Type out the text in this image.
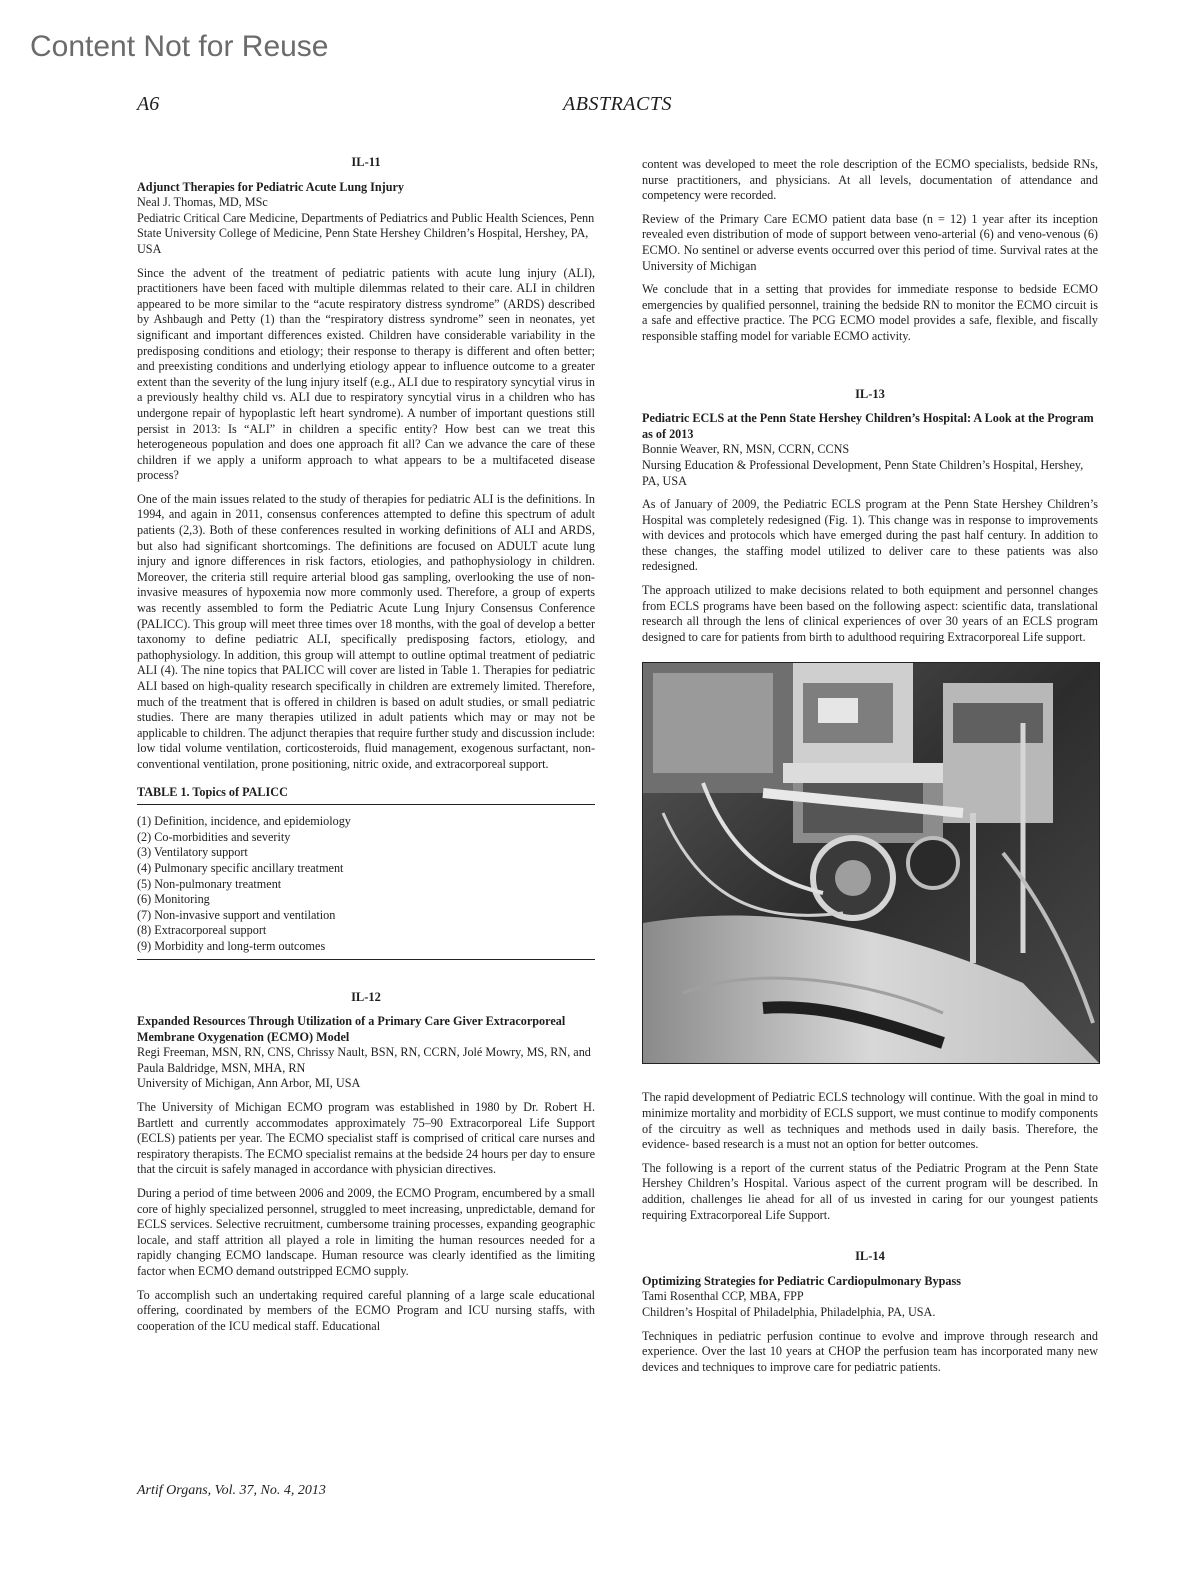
Content Not for Reuse
A6	ABSTRACTS
IL-11
Adjunct Therapies for Pediatric Acute Lung Injury
Neal J. Thomas, MD, MSc
Pediatric Critical Care Medicine, Departments of Pediatrics and Public Health Sciences, Penn State University College of Medicine, Penn State Hershey Children’s Hospital, Hershey, PA, USA

Since the advent of the treatment of pediatric patients with acute lung injury (ALI), practitioners have been faced with multiple dilemmas related to their care. ALI in children appeared to be more similar to the “acute respiratory distress syndrome” (ARDS) described by Ashbaugh and Petty (1) than the “respiratory distress syndrome” seen in neonates, yet significant and important differences existed. Children have considerable variability in the predisposing conditions and etiology; their response to therapy is different and often better; and preexisting conditions and underlying etiology appear to influence outcome to a greater extent than the severity of the lung injury itself (e.g., ALI due to respiratory syncytial virus in a previously healthy child vs. ALI due to respiratory syncytial virus in a children who has undergone repair of hypoplastic left heart syndrome). A number of important questions still persist in 2013: Is “ALI” in children a specific entity? How best can we treat this heterogeneous population and does one approach fit all? Can we advance the care of these children if we apply a uniform approach to what appears to be a multifaceted disease process?

One of the main issues related to the study of therapies for pediatric ALI is the definitions. In 1994, and again in 2011, consensus conferences attempted to define this spectrum of adult patients (2,3). Both of these conferences resulted in working definitions of ALI and ARDS, but also had significant shortcomings. The definitions are focused on ADULT acute lung injury and ignore differences in risk factors, etiologies, and pathophysiology in children. Moreover, the criteria still require arterial blood gas sampling, overlooking the use of non-invasive measures of hypoxemia now more commonly used. Therefore, a group of experts was recently assembled to form the Pediatric Acute Lung Injury Consensus Conference (PALICC). This group will meet three times over 18 months, with the goal of develop a better taxonomy to define pediatric ALI, specifically predisposing factors, etiology, and pathophysiology. In addition, this group will attempt to outline optimal treatment of pediatric ALI (4). The nine topics that PALICC will cover are listed in Table 1. Therapies for pediatric ALI based on high-quality research specifically in children are extremely limited. Therefore, much of the treatment that is offered in children is based on adult studies, or small pediatric studies. There are many therapies utilized in adult patients which may or may not be applicable to children. The adjunct therapies that require further study and discussion include: low tidal volume ventilation, corticosteroids, fluid management, exogenous surfactant, non-conventional ventilation, prone positioning, nitric oxide, and extracorporeal support.

TABLE 1. Topics of PALICC
(1) Definition, incidence, and epidemiology
(2) Co-morbidities and severity
(3) Ventilatory support
(4) Pulmonary specific ancillary treatment
(5) Non-pulmonary treatment
(6) Monitoring
(7) Non-invasive support and ventilation
(8) Extracorporeal support
(9) Morbidity and long-term outcomes
IL-12
Expanded Resources Through Utilization of a Primary Care Giver Extracorporeal Membrane Oxygenation (ECMO) Model
Regi Freeman, MSN, RN, CNS, Chrissy Nault, BSN, RN, CCRN, Jolé Mowry, MS, RN, and Paula Baldridge, MSN, MHA, RN
University of Michigan, Ann Arbor, MI, USA

The University of Michigan ECMO program was established in 1980 by Dr. Robert H. Bartlett and currently accommodates approximately 75–90 Extracorporeal Life Support (ECLS) patients per year. The ECMO specialist staff is comprised of critical care nurses and respiratory therapists. The ECMO specialist remains at the bedside 24 hours per day to ensure that the circuit is safely managed in accordance with physician directives.

During a period of time between 2006 and 2009, the ECMO Program, encumbered by a small core of highly specialized personnel, struggled to meet increasing, unpredictable, demand for ECLS services. Selective recruitment, cumbersome training processes, expanding geographic locale, and staff attrition all played a role in limiting the human resources needed for a rapidly changing ECMO landscape. Human resource was clearly identified as the limiting factor when ECMO demand outstripped ECMO supply.

To accomplish such an undertaking required careful planning of a large scale educational offering, coordinated by members of the ECMO Program and ICU nursing staffs, with cooperation of the ICU medical staff. Educational

content was developed to meet the role description of the ECMO specialists, bedside RNs, nurse practitioners, and physicians. At all levels, documentation of attendance and competency were recorded.

Review of the Primary Care ECMO patient data base (n = 12) 1 year after its inception revealed even distribution of mode of support between veno-arterial (6) and veno-venous (6) ECMO. No sentinel or adverse events occurred over this period of time. Survival rates at the University of Michigan

We conclude that in a setting that provides for immediate response to bedside ECMO emergencies by qualified personnel, training the bedside RN to monitor the ECMO circuit is a safe and effective practice. The PCG ECMO model provides a safe, flexible, and fiscally responsible staffing model for variable ECMO activity.

IL-13
Pediatric ECLS at the Penn State Hershey Children’s Hospital: A Look at the Program as of 2013
Bonnie Weaver, RN, MSN, CCRN, CCNS
Nursing Education & Professional Development, Penn State Children’s Hospital, Hershey, PA, USA

As of January of 2009, the Pediatric ECLS program at the Penn State Hershey Children’s Hospital was completely redesigned (Fig. 1). This change was in response to improvements with devices and protocols which have emerged during the past half century. In addition to these changes, the staffing model utilized to deliver care to these patients was also redesigned.

The approach utilized to make decisions related to both equipment and personnel changes from ECLS programs have been based on the following aspect: scientific data, translational research all through the lens of clinical experiences of over 30 years of an ECLS program designed to care for patients from birth to adulthood requiring Extracorporeal Life support.

The rapid development of Pediatric ECLS technology will continue. With the goal in mind to minimize mortality and morbidity of ECLS support, we must continue to modify components of the circuitry as well as techniques and methods used in daily basis. Therefore, the evidence- based research is a must not an option for better outcomes.

The following is a report of the current status of the Pediatric Program at the Penn State Hershey Children’s Hospital. Various aspect of the current program will be described. In addition, challenges lie ahead for all of us invested in caring for our youngest patients requiring Extracorporeal Life Support.

IL-14
Optimizing Strategies for Pediatric Cardiopulmonary Bypass
Tami Rosenthal CCP, MBA, FPP
Children’s Hospital of Philadelphia, Philadelphia, PA, USA.

Techniques in pediatric perfusion continue to evolve and improve through research and experience. Over the last 10 years at CHOP the perfusion team has incorporated many new devices and techniques to improve care for pediatric patients.

Artif Organs, Vol. 37, No. 4, 2013
